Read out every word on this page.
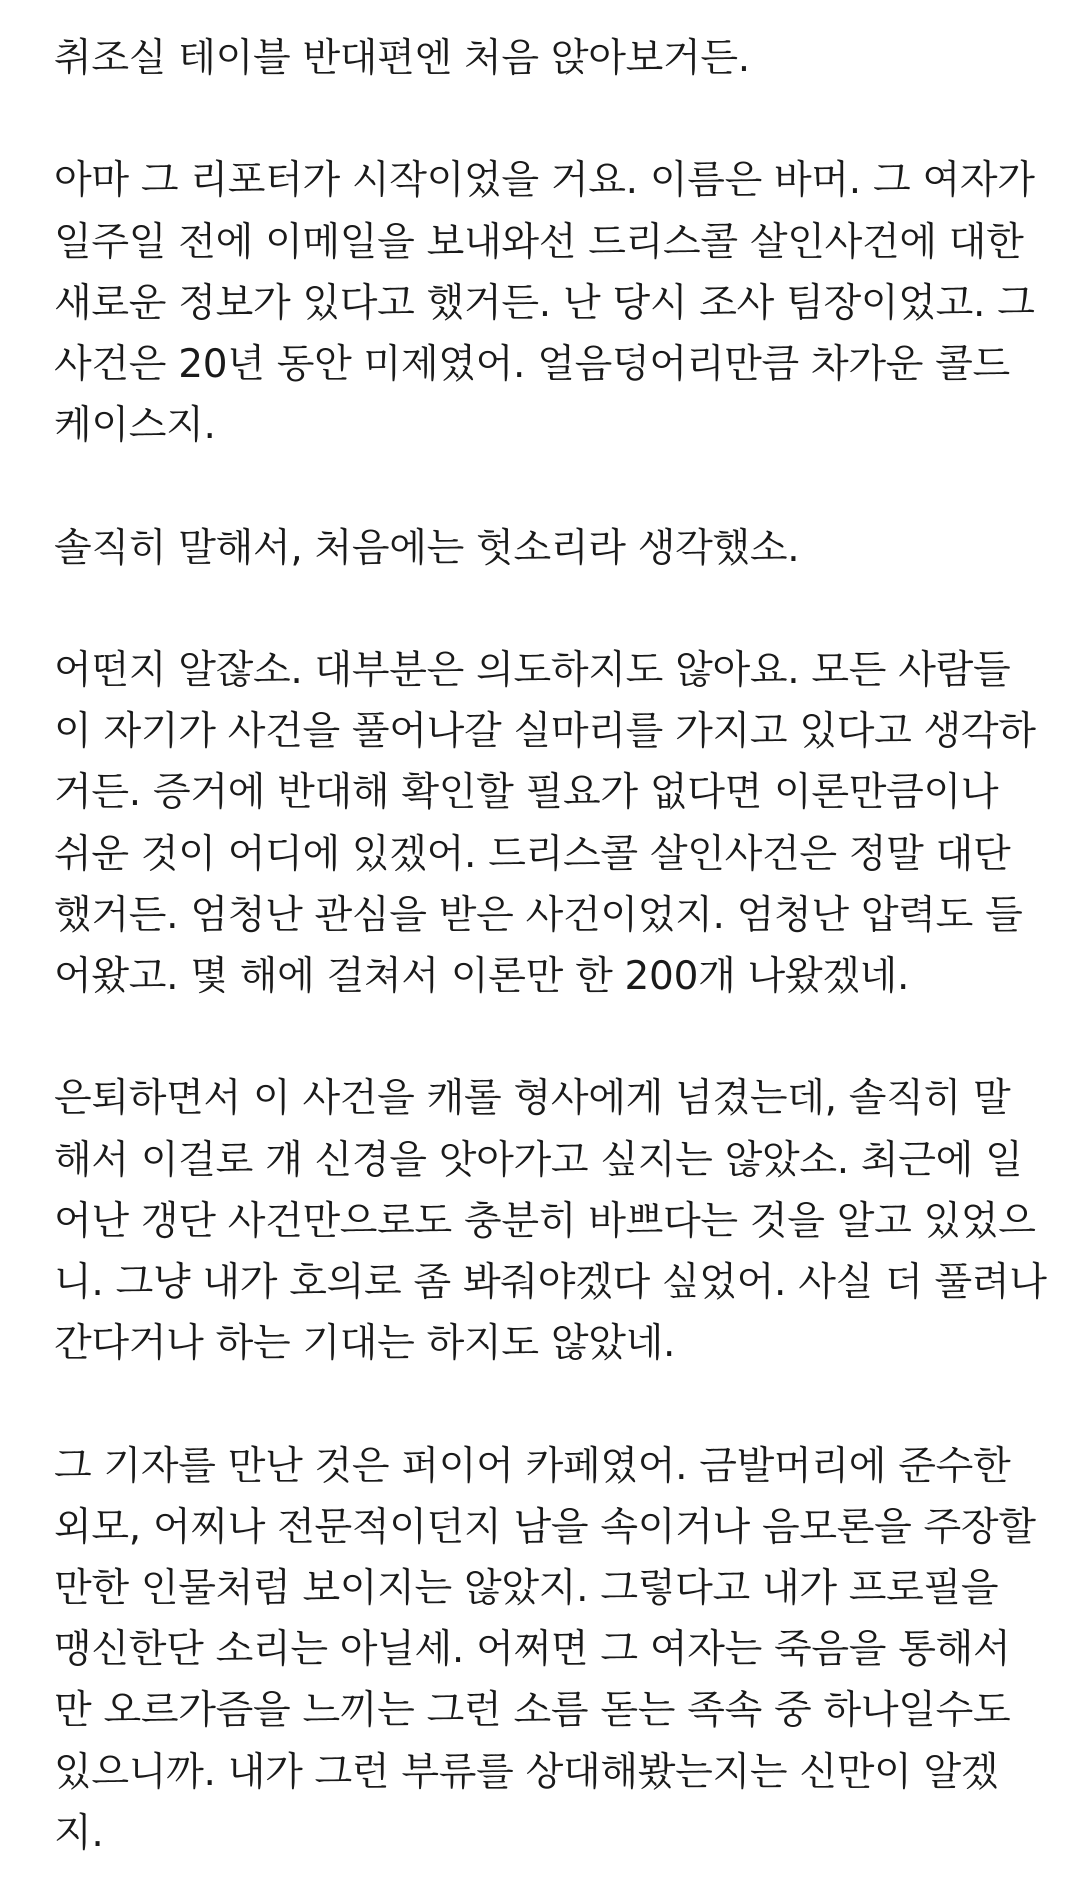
취조실 테이블 반대편엔 처음 앉아보거든.
아마 그 리포터가 시작이었을 거요. 이름은 바머. 그 여자가
일주일 전에 이메일을 보내와선 드리스콜 살인사건에 대한
새로운 정보가 있다고 했거든. 난 당시 조사 팀장이었고. 그
사건은 20년 동안 미제였어. 얼음덩어리만큼 차가운 콜드
케이스지.
솔직히 말해서, 처음에는 헛소리라 생각했소.
어떤지 알잖소. 대부분은 의도하지도 않아요. 모든 사람들
이 자기가 사건을 풀어나갈 실마리를 가지고 있다고 생각하
거든. 증거에 반대해 확인할 필요가 없다면 이론만큼이나
쉬운 것이 어디에 있겠어. 드리스콜 살인사건은 정말 대단
했거든. 엄청난 관심을 받은 사건이었지. 엄청난 압력도 들
어왔고. 몇 해에 걸쳐서 이론만 한 200개 나왔겠네.
은퇴하면서 이 사건을 캐롤 형사에게 넘겼는데, 솔직히 말
해서 이걸로 걔 신경을 앗아가고 싶지는 않았소. 최근에 일
어난 갱단 사건만으로도 충분히 바쁘다는 것을 알고 있었으
니. 그냥 내가 호의로 좀 봐줘야겠다 싶었어. 사실 더 풀려나
간다거나 하는 기대는 하지도 않았네.
그 기자를 만난 것은 퍼이어 카페였어. 금발머리에 준수한
외모, 어찌나 전문적이던지 남을 속이거나 음모론을 주장할
만한 인물처럼 보이지는 않았지. 그렇다고 내가 프로필을
맹신한단 소리는 아닐세. 어쩌면 그 여자는 죽음을 통해서
만 오르가즘을 느끼는 그런 소름 돋는 족속 중 하나일수도
있으니까. 내가 그런 부류를 상대해봤는지는 신만이 알겠
지.
